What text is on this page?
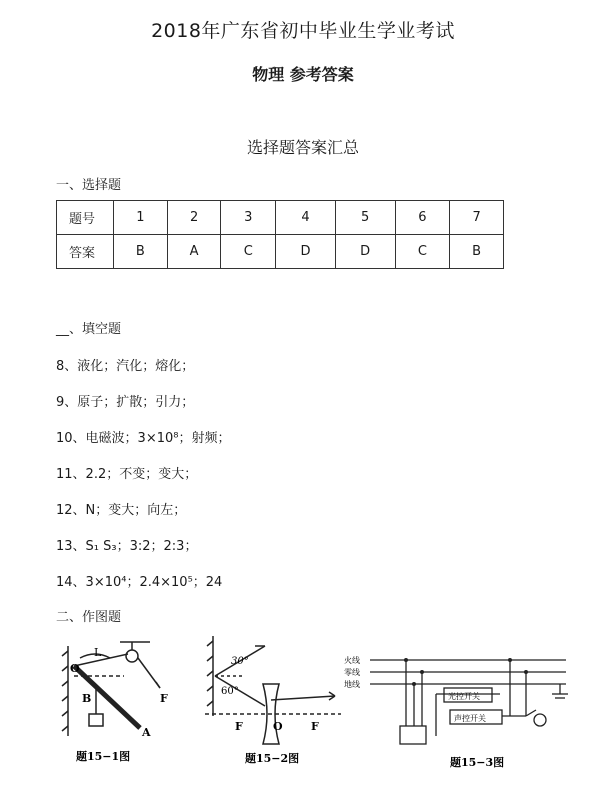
2018年广东省初中毕业生学业考试
物理 参考答案
选择题答案汇总
一、选择题
题号	1	2	3	4	5	6	7
答案	B	A	C	D	D	C	B
__、填空题
8、液化；汽化；熔化；
9、原子；扩散；引力；
10、电磁波；3×10⁸；射频；
11、2.2；不变；变大；
12、N；变大；向左；
13、S₁ S₃；3:2；2:3；
14、3×10⁴；2.4×10⁵；24
二、作图题
O
L
B
A
F
题15−1图
30°
60°
F	O	F
题15−2图
火线
零线
地线
光控开关
声控开关
题15−3图
